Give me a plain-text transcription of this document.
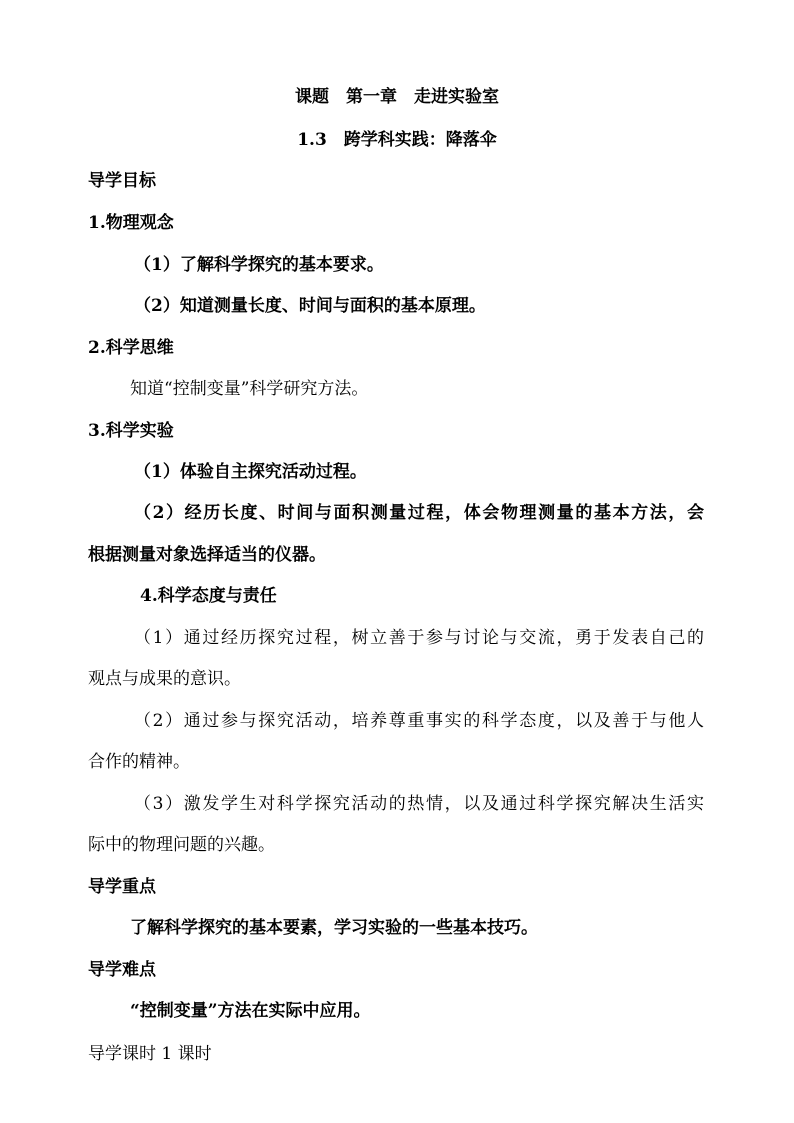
课题　第一章　走进实验室
1.3　跨学科实践：降落伞
导学目标
1.物理观念
（1）了解科学探究的基本要求。
（2）知道测量长度、时间与面积的基本原理。
2.科学思维
知道“控制变量”科学研究方法。
3.科学实验
（1）体验自主探究活动过程。
（2）经历长度、时间与面积测量过程，体会物理测量的基本方法，会
根据测量对象选择适当的仪器。
4.科学态度与责任
（1）通过经历探究过程，树立善于参与讨论与交流，勇于发表自己的
观点与成果的意识。
（2）通过参与探究活动，培养尊重事实的科学态度，以及善于与他人
合作的精神。
（3）激发学生对科学探究活动的热情，以及通过科学探究解决生活实
际中的物理问题的兴趣。
导学重点
了解科学探究的基本要素，学习实验的一些基本技巧。
导学难点
“控制变量”方法在实际中应用。
导学课时 1 课时
